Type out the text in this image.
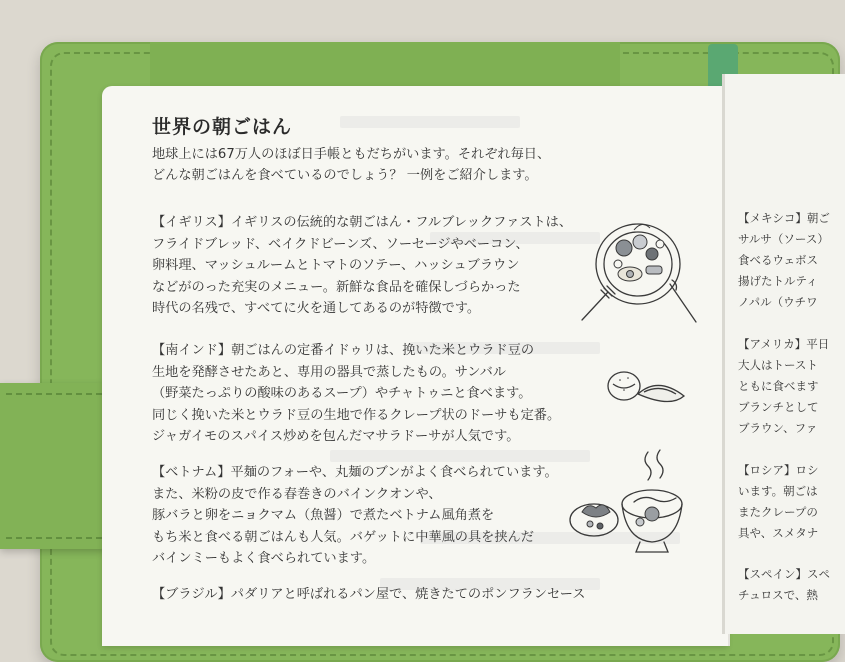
世界の朝ごはん

地球上には67万人のほぼ日手帳ともだちがいます。それぞれ毎日、
どんな朝ごはんを食べているのでしょう？ 一例をご紹介します。

【イギリス】イギリスの伝統的な朝ごはん・フルブレックファストは、
フライドブレッド、ベイクドビーンズ、ソーセージやベーコン、
卵料理、マッシュルームとトマトのソテー、ハッシュブラウン
などがのった充実のメニュー。新鮮な食品を確保しづらかった
時代の名残で、すべてに火を通してあるのが特徴です。

【南インド】朝ごはんの定番イドゥリは、挽いた米とウラド豆の
生地を発酵させたあと、専用の器具で蒸したもの。サンバル
（野菜たっぷりの酸味のあるスープ）やチャトゥニと食べます。
同じく挽いた米とウラド豆の生地で作るクレープ状のドーサも定番。
ジャガイモのスパイス炒めを包んだマサラドーサが人気です。

【ベトナム】平麺のフォーや、丸麺のブンがよく食べられています。
また、米粉の皮で作る春巻きのバインクオンや、
豚バラと卵をニョクマム（魚醤）で煮たベトナム風角煮を
もち米と食べる朝ごはんも人気。バゲットに中華風の具を挟んだ
バインミーもよく食べられています。

【ブラジル】パダリアと呼ばれるパン屋で、焼きたてのポンフランセース

【メキシコ】朝ご
サルサ（ソース）
食べるウェボス
揚げたトルティ
ノパル（ウチワ
【アメリカ】平日
大人はトースト
ともに食べます
ブランチとして
ブラウン、ファ
【ロシア】ロシ
います。朝ごは
またクレープの
具や、スメタナ
【スペイン】スペ
チュロスで、熱
